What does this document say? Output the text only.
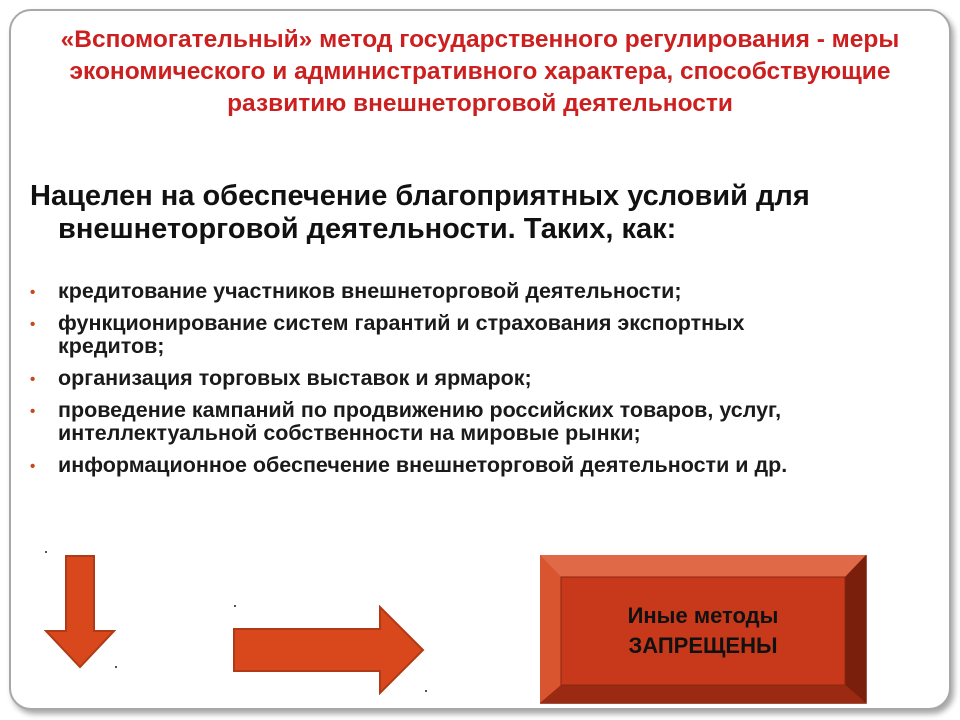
«Вспомогательный» метод государственного регулирования - меры
экономического и административного характера, способствующие
развитию внешнеторговой деятельности
Нацелен на обеспечение благоприятных условий для
внешнеторговой деятельности. Таких, как:
• кредитование участников внешнеторговой деятельности;
• функционирование систем гарантий и страхования экспортных
кредитов;
• организация торговых выставок и ярмарок;
• проведение кампаний по продвижению российских товаров, услуг,
интеллектуальной собственности на мировые рынки;
• информационное обеспечение внешнеторговой деятельности и др.
Иные методы
ЗАПРЕЩЕНЫ
